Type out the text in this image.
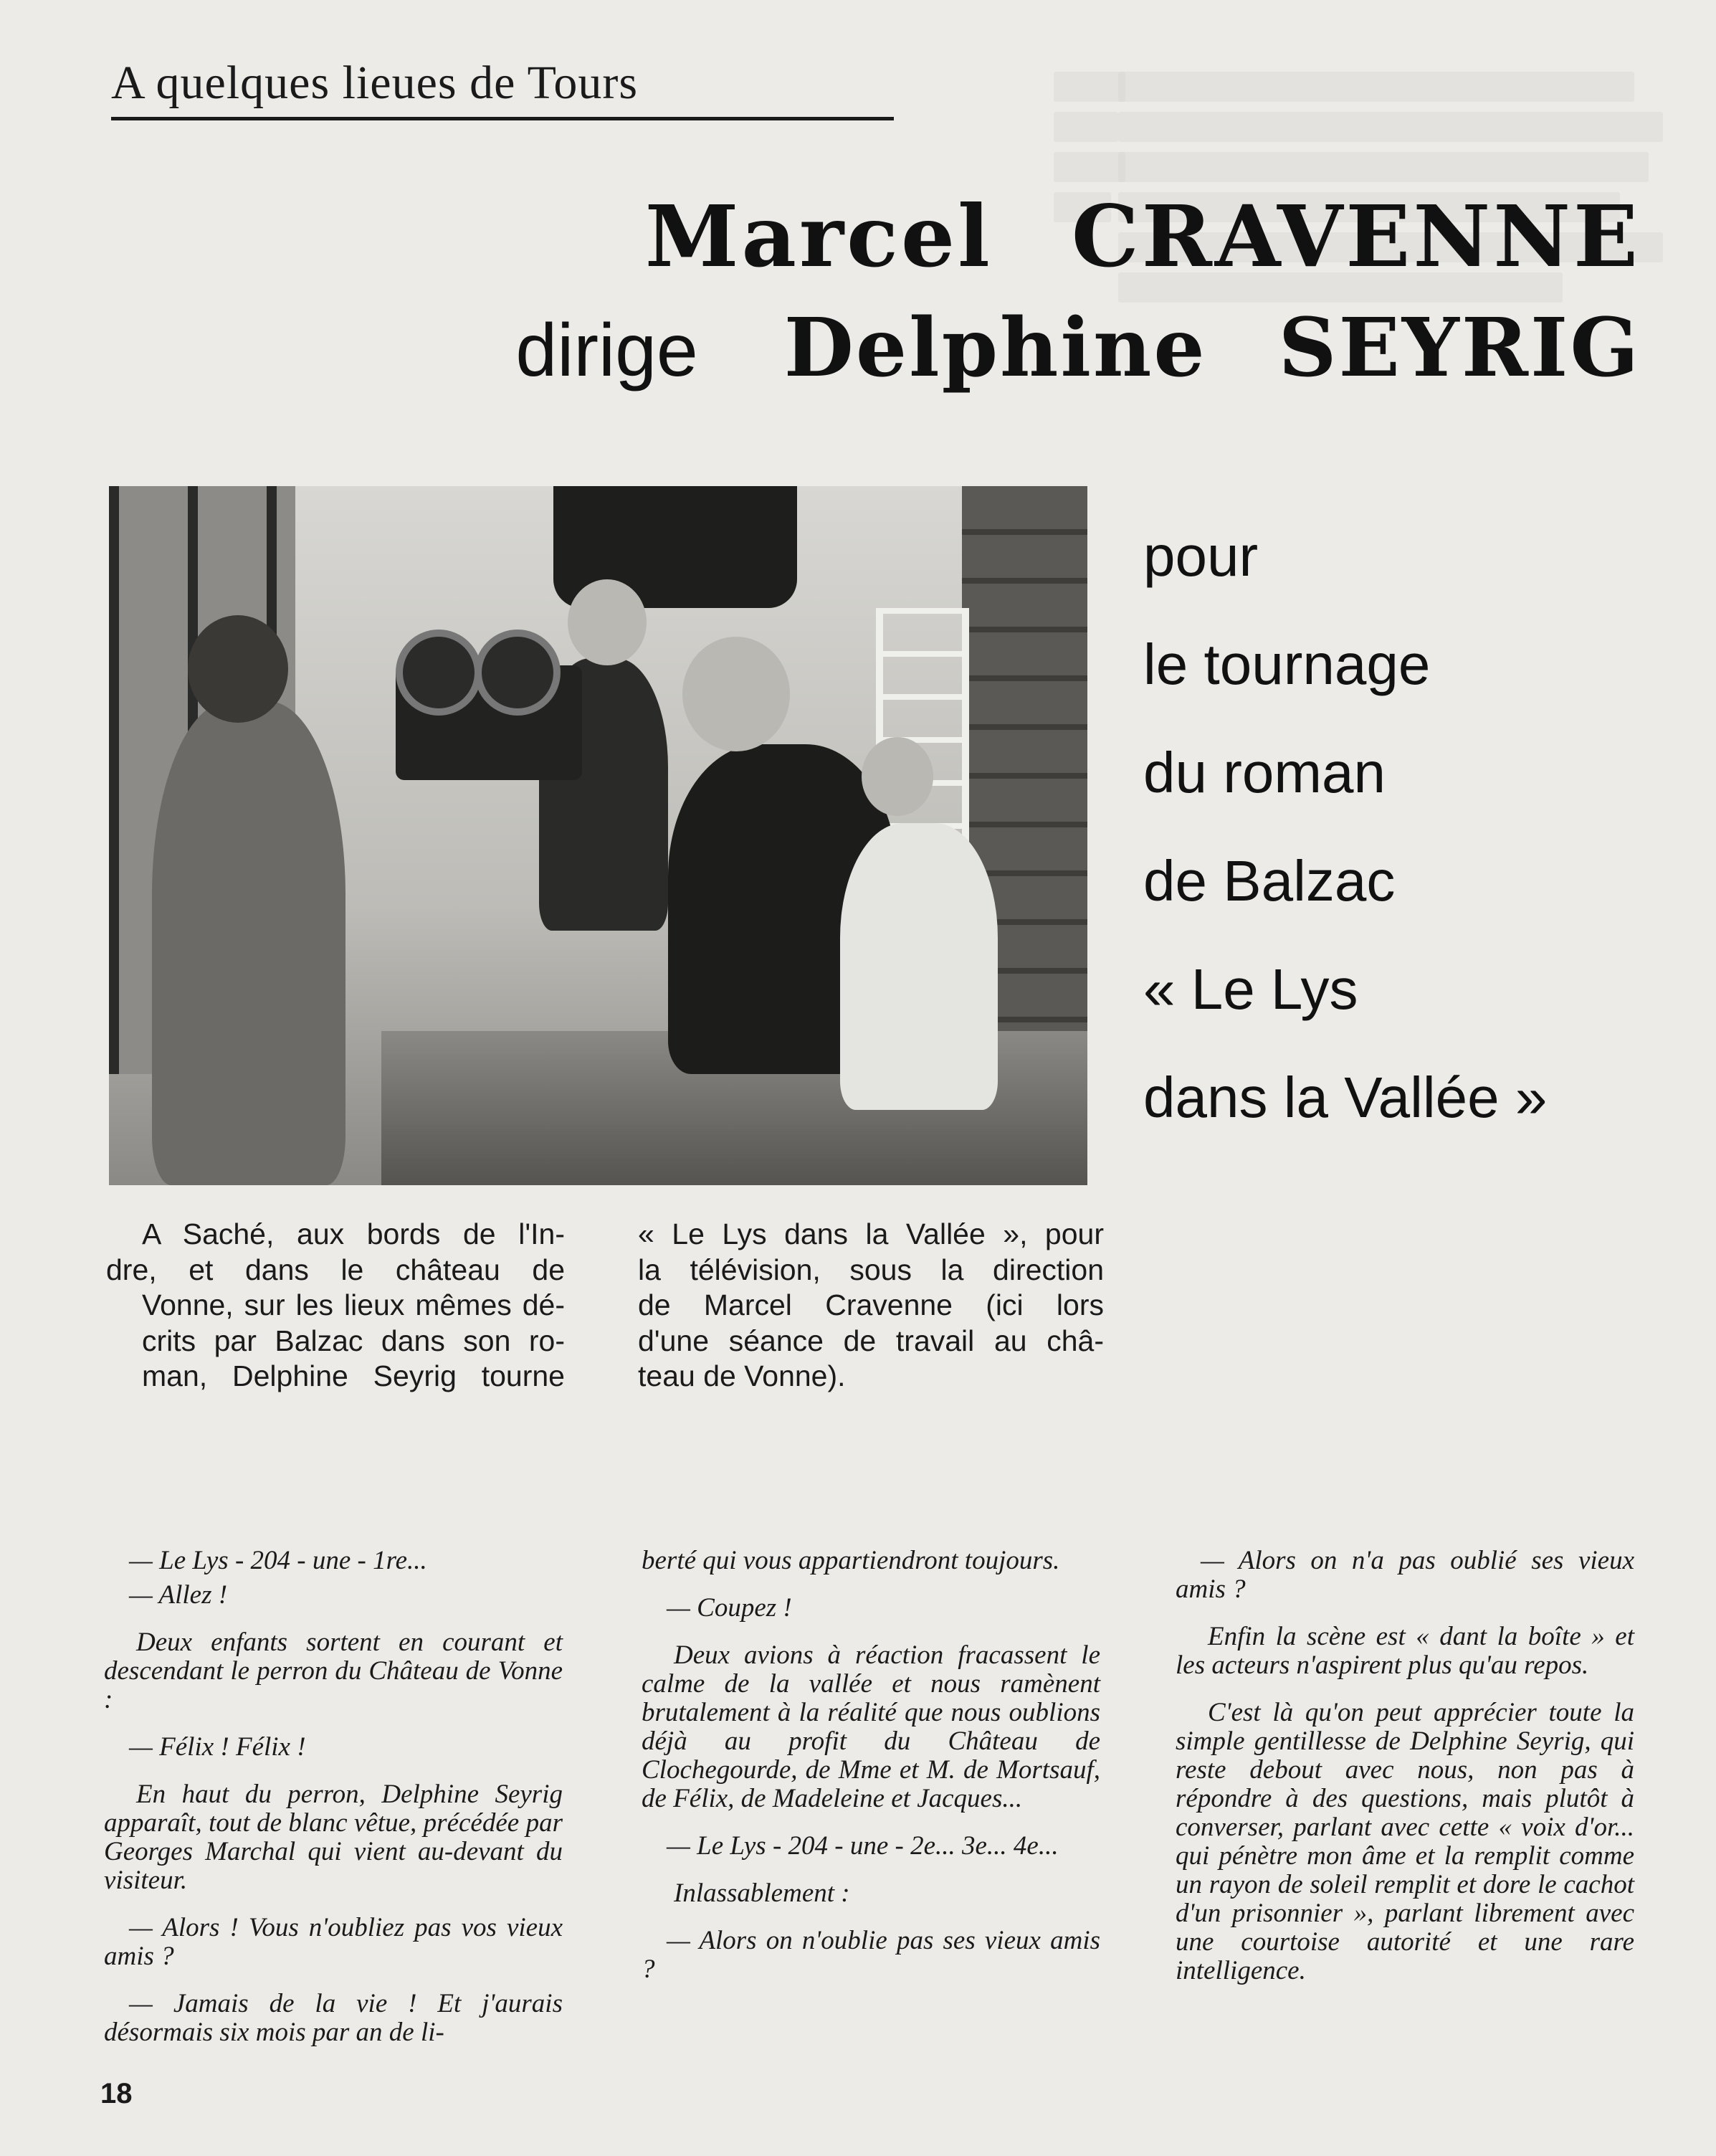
A quelques lieues de Tours
Marcel CRAVENNE
dirige Delphine SEYRIG
pour
le tournage
du roman
de Balzac
« Le Lys
dans la Vallée »
A Saché, aux bords de l'In-
dre, et dans le château de
Vonne, sur les lieux mêmes dé-
crits par Balzac dans son ro-
man, Delphine Seyrig tourne
« Le Lys dans la Vallée », pour
la télévision, sous la direction
de Marcel Cravenne (ici lors
d'une séance de travail au châ-
teau de Vonne).

— Le Lys - 204 - une - 1re...

— Allez !

Deux enfants sortent en courant et descendant le perron du Château de Vonne :

— Félix ! Félix !

En haut du perron, Delphine Seyrig apparaît, tout de blanc vêtue, précédée par Georges Marchal qui vient au-devant du visiteur.

— Alors ! Vous n'oubliez pas vos vieux amis ?

— Jamais de la vie ! Et j'aurais désormais six mois par an de li-

berté qui vous appartiendront toujours.

— Coupez !

Deux avions à réaction fracassent le calme de la vallée et nous ramènent brutalement à la réalité que nous oublions déjà au profit du Château de Clochegourde, de Mme et M. de Mortsauf, de Félix, de Madeleine et Jacques...

— Le Lys - 204 - une - 2e... 3e... 4e...

Inlassablement :

— Alors on n'oublie pas ses vieux amis ?

— Alors on n'a pas oublié ses vieux amis ?

Enfin la scène est « dant la boîte » et les acteurs n'aspirent plus qu'au repos.

C'est là qu'on peut apprécier toute la simple gentillesse de Delphine Seyrig, qui reste debout avec nous, non pas à répondre à des questions, mais plutôt à converser, parlant avec cette « voix d'or... qui pénètre mon âme et la remplit comme un rayon de soleil remplit et dore le cachot d'un prisonnier », parlant librement avec une courtoise autorité et une rare intelligence.

18
